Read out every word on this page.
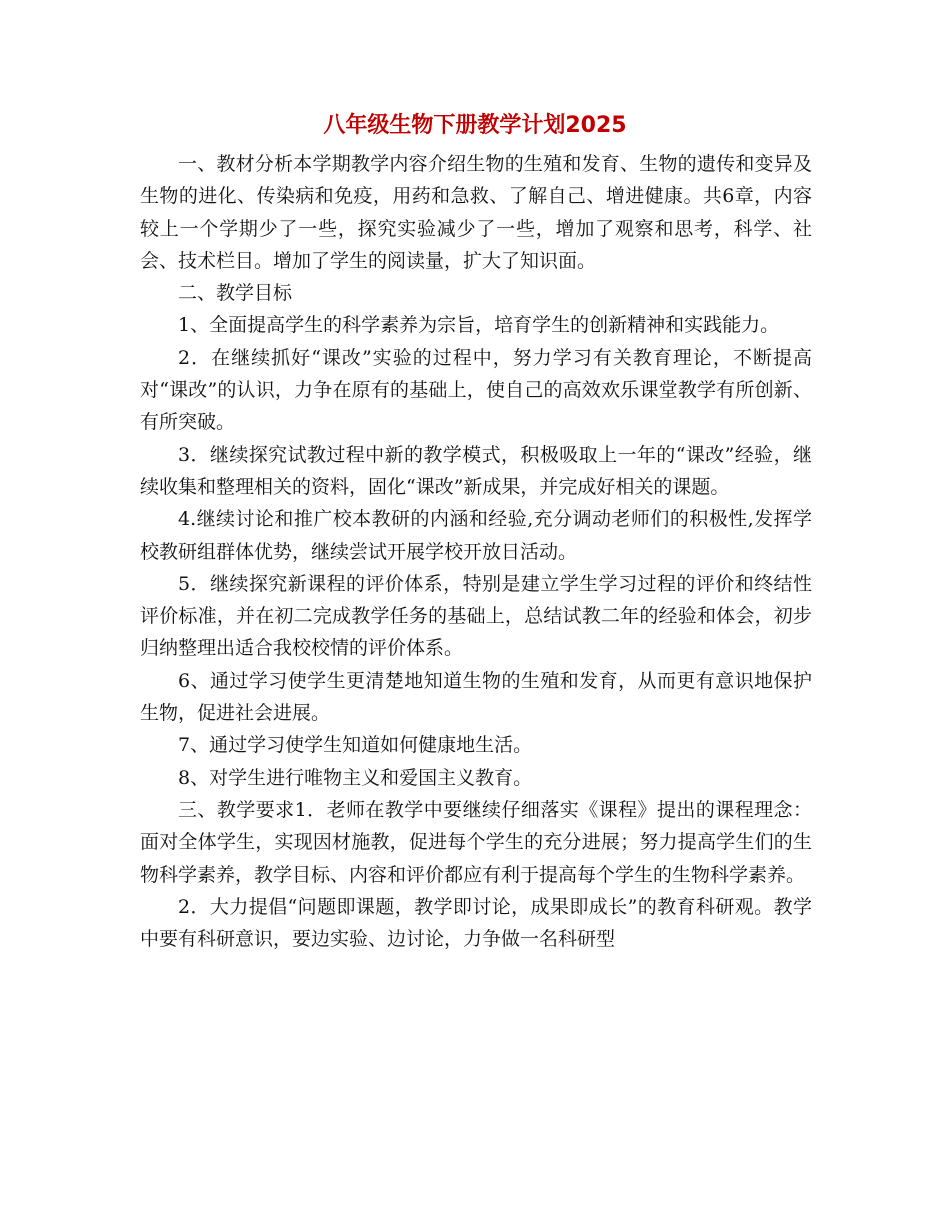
八年级生物下册教学计划2025

一、教材分析本学期教学内容介绍生物的生殖和发育、生物的遗传和变异及生物的进化、传染病和免疫，用药和急救、了解自己、增进健康。共6章，内容较上一个学期少了一些，探究实验减少了一些，增加了观察和思考，科学、社会、技术栏目。增加了学生的阅读量，扩大了知识面。

二、教学目标

1、全面提高学生的科学素养为宗旨，培育学生的创新精神和实践能力。

2．在继续抓好“课改”实验的过程中，努力学习有关教育理论，不断提高对“课改”的认识，力争在原有的基础上，使自己的高效欢乐课堂教学有所创新、有所突破。

3．继续探究试教过程中新的教学模式，积极吸取上一年的“课改”经验，继续收集和整理相关的资料，固化“课改”新成果，并完成好相关的课题。

4.继续讨论和推广校本教研的内涵和经验,充分调动老师们的积极性,发挥学校教研组群体优势，继续尝试开展学校开放日活动。

5．继续探究新课程的评价体系，特别是建立学生学习过程的评价和终结性评价标准，并在初二完成教学任务的基础上，总结试教二年的经验和体会，初步归纳整理出适合我校校情的评价体系。

6、通过学习使学生更清楚地知道生物的生殖和发育，从而更有意识地保护生物，促进社会进展。

7、通过学习使学生知道如何健康地生活。

8、对学生进行唯物主义和爱国主义教育。

三、教学要求1．老师在教学中要继续仔细落实《课程》提出的课程理念：面对全体学生，实现因材施教，促进每个学生的充分进展；努力提高学生们的生物科学素养，教学目标、内容和评价都应有利于提高每个学生的生物科学素养。

2．大力提倡“问题即课题，教学即讨论，成果即成长”的教育科研观。教学中要有科研意识，要边实验、边讨论，力争做一名科研型
